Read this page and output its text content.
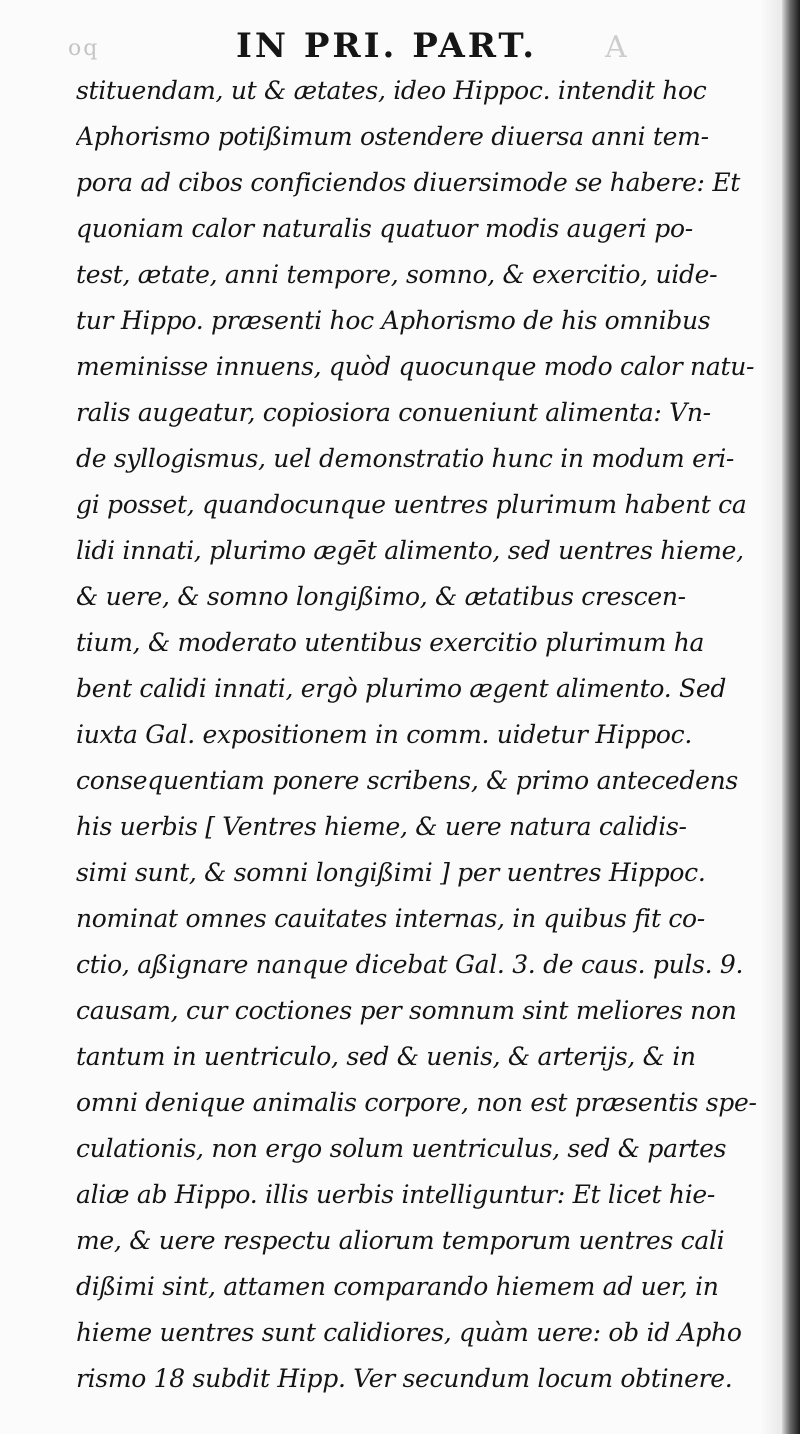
oq	IN PRI. PART.	A
stituendam, ut & ætates, ideo Hippoc. intendit hoc
Aphorismo potißimum ostendere diuersa anni tem-
pora ad cibos conficiendos diuersimode se habere: Et
quoniam calor naturalis quatuor modis augeri po-
test, ætate, anni tempore, somno, & exercitio, uide-
tur Hippo. præsenti hoc Aphorismo de his omnibus
meminisse innuens, quòd quocunque modo calor natu-
ralis augeatur, copiosiora conueniunt alimenta: Vn-
de syllogismus, uel demonstratio hunc in modum eri-
gi posset, quandocunque uentres plurimum habent ca
lidi innati, plurimo ægēt alimento, sed uentres hieme,
& uere, & somno longißimo, & ætatibus crescen-
tium, & moderato utentibus exercitio plurimum ha
bent calidi innati, ergò plurimo ægent alimento. Sed
iuxta Gal. expositionem in comm. uidetur Hippoc.
consequentiam ponere scribens, & primo antecedens
his uerbis [ Ventres hieme, & uere natura calidis-
simi sunt, & somni longißimi ] per uentres Hippoc.
nominat omnes cauitates internas, in quibus fit co-
ctio, aßignare nanque dicebat Gal. 3. de caus. puls. 9.
causam, cur coctiones per somnum sint meliores non
tantum in uentriculo, sed & uenis, & arterijs, & in
omni denique animalis corpore, non est præsentis spe-
culationis, non ergo solum uentriculus, sed & partes
aliæ ab Hippo. illis uerbis intelliguntur: Et licet hie-
me, & uere respectu aliorum temporum uentres cali
dißimi sint, attamen comparando hiemem ad uer, in
hieme uentres sunt calidiores, quàm uere: ob id Apho
rismo 18 subdit Hipp. Ver secundum locum obtinere.
